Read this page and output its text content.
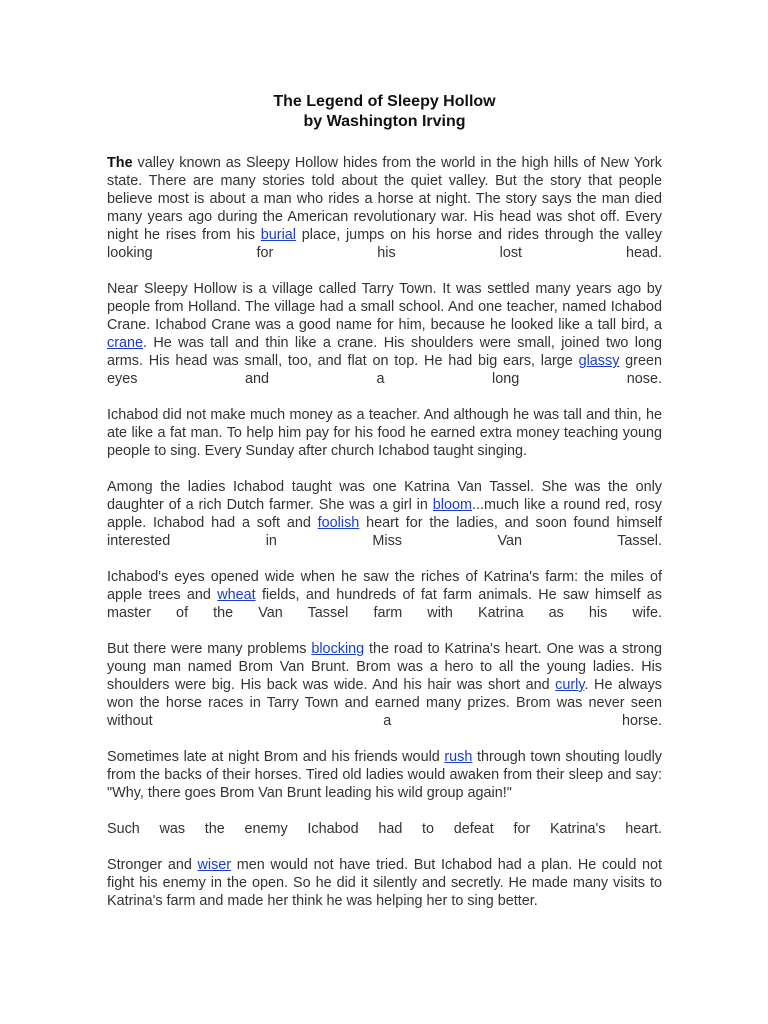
The Legend of Sleepy Hollow
by Washington Irving

The valley known as Sleepy Hollow hides from the world in the high hills of New York state. There are many stories told about the quiet valley. But the story that people believe most is about a man who rides a horse at night. The story says the man died many years ago during the American revolutionary war. His head was shot off. Every night he rises from his burial place, jumps on his horse and rides through the valley looking for his lost head.

Near Sleepy Hollow is a village called Tarry Town. It was settled many years ago by people from Holland. The village had a small school. And one teacher, named Ichabod Crane. Ichabod Crane was a good name for him, because he looked like a tall bird, a crane. He was tall and thin like a crane. His shoulders were small, joined two long arms. His head was small, too, and flat on top. He had big ears, large glassy green eyes and a long nose.

Ichabod did not make much money as a teacher. And although he was tall and thin, he ate like a fat man. To help him pay for his food he earned extra money teaching young people to sing. Every Sunday after church Ichabod taught singing.

Among the ladies Ichabod taught was one Katrina Van Tassel. She was the only daughter of a rich Dutch farmer. She was a girl in bloom...much like a round red, rosy apple. Ichabod had a soft and foolish heart for the ladies, and soon found himself interested in Miss Van Tassel.

Ichabod's eyes opened wide when he saw the riches of Katrina's farm: the miles of apple trees and wheat fields, and hundreds of fat farm animals. He saw himself as master of the Van Tassel farm with Katrina as his wife.

But there were many problems blocking the road to Katrina's heart. One was a strong young man named Brom Van Brunt. Brom was a hero to all the young ladies. His shoulders were big. His back was wide. And his hair was short and curly. He always won the horse races in Tarry Town and earned many prizes. Brom was never seen without a horse.

Sometimes late at night Brom and his friends would rush through town shouting loudly from the backs of their horses. Tired old ladies would awaken from their sleep and say: "Why, there goes Brom Van Brunt leading his wild group again!"

Such was the enemy Ichabod had to defeat for Katrina's heart.

Stronger and wiser men would not have tried. But Ichabod had a plan. He could not fight his enemy in the open. So he did it silently and secretly. He made many visits to Katrina's farm and made her think he was helping her to sing better.
